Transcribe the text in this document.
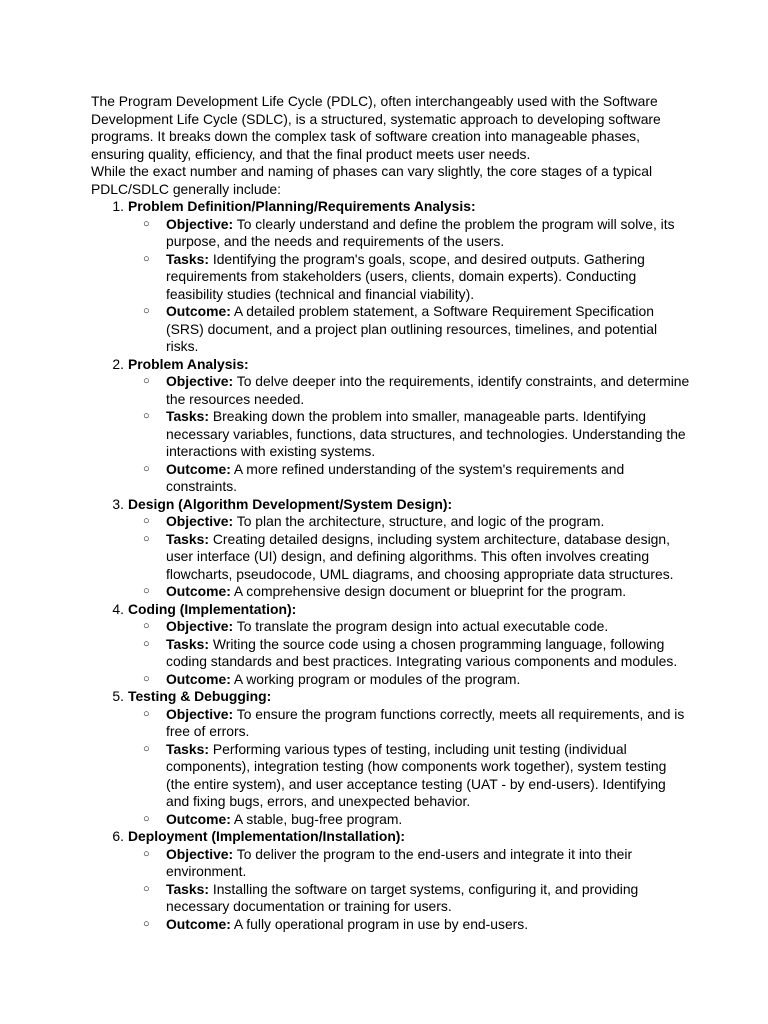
The Program Development Life Cycle (PDLC), often interchangeably used with the Software Development Life Cycle (SDLC), is a structured, systematic approach to developing software programs. It breaks down the complex task of software creation into manageable phases, ensuring quality, efficiency, and that the final product meets user needs.

While the exact number and naming of phases can vary slightly, the core stages of a typical PDLC/SDLC generally include:

1. Problem Definition/Planning/Requirements Analysis:
○ Objective: To clearly understand and define the problem the program will solve, its purpose, and the needs and requirements of the users.
○ Tasks: Identifying the program's goals, scope, and desired outputs. Gathering requirements from stakeholders (users, clients, domain experts). Conducting feasibility studies (technical and financial viability).
○ Outcome: A detailed problem statement, a Software Requirement Specification (SRS) document, and a project plan outlining resources, timelines, and potential risks.
2. Problem Analysis:
○ Objective: To delve deeper into the requirements, identify constraints, and determine the resources needed.
○ Tasks: Breaking down the problem into smaller, manageable parts. Identifying necessary variables, functions, data structures, and technologies. Understanding the interactions with existing systems.
○ Outcome: A more refined understanding of the system's requirements and constraints.
3. Design (Algorithm Development/System Design):
○ Objective: To plan the architecture, structure, and logic of the program.
○ Tasks: Creating detailed designs, including system architecture, database design, user interface (UI) design, and defining algorithms. This often involves creating flowcharts, pseudocode, UML diagrams, and choosing appropriate data structures.
○ Outcome: A comprehensive design document or blueprint for the program.
4. Coding (Implementation):
○ Objective: To translate the program design into actual executable code.
○ Tasks: Writing the source code using a chosen programming language, following coding standards and best practices. Integrating various components and modules.
○ Outcome: A working program or modules of the program.
5. Testing & Debugging:
○ Objective: To ensure the program functions correctly, meets all requirements, and is free of errors.
○ Tasks: Performing various types of testing, including unit testing (individual components), integration testing (how components work together), system testing (the entire system), and user acceptance testing (UAT - by end-users). Identifying and fixing bugs, errors, and unexpected behavior.
○ Outcome: A stable, bug-free program.
6. Deployment (Implementation/Installation):
○ Objective: To deliver the program to the end-users and integrate it into their environment.
○ Tasks: Installing the software on target systems, configuring it, and providing necessary documentation or training for users.
○ Outcome: A fully operational program in use by end-users.
